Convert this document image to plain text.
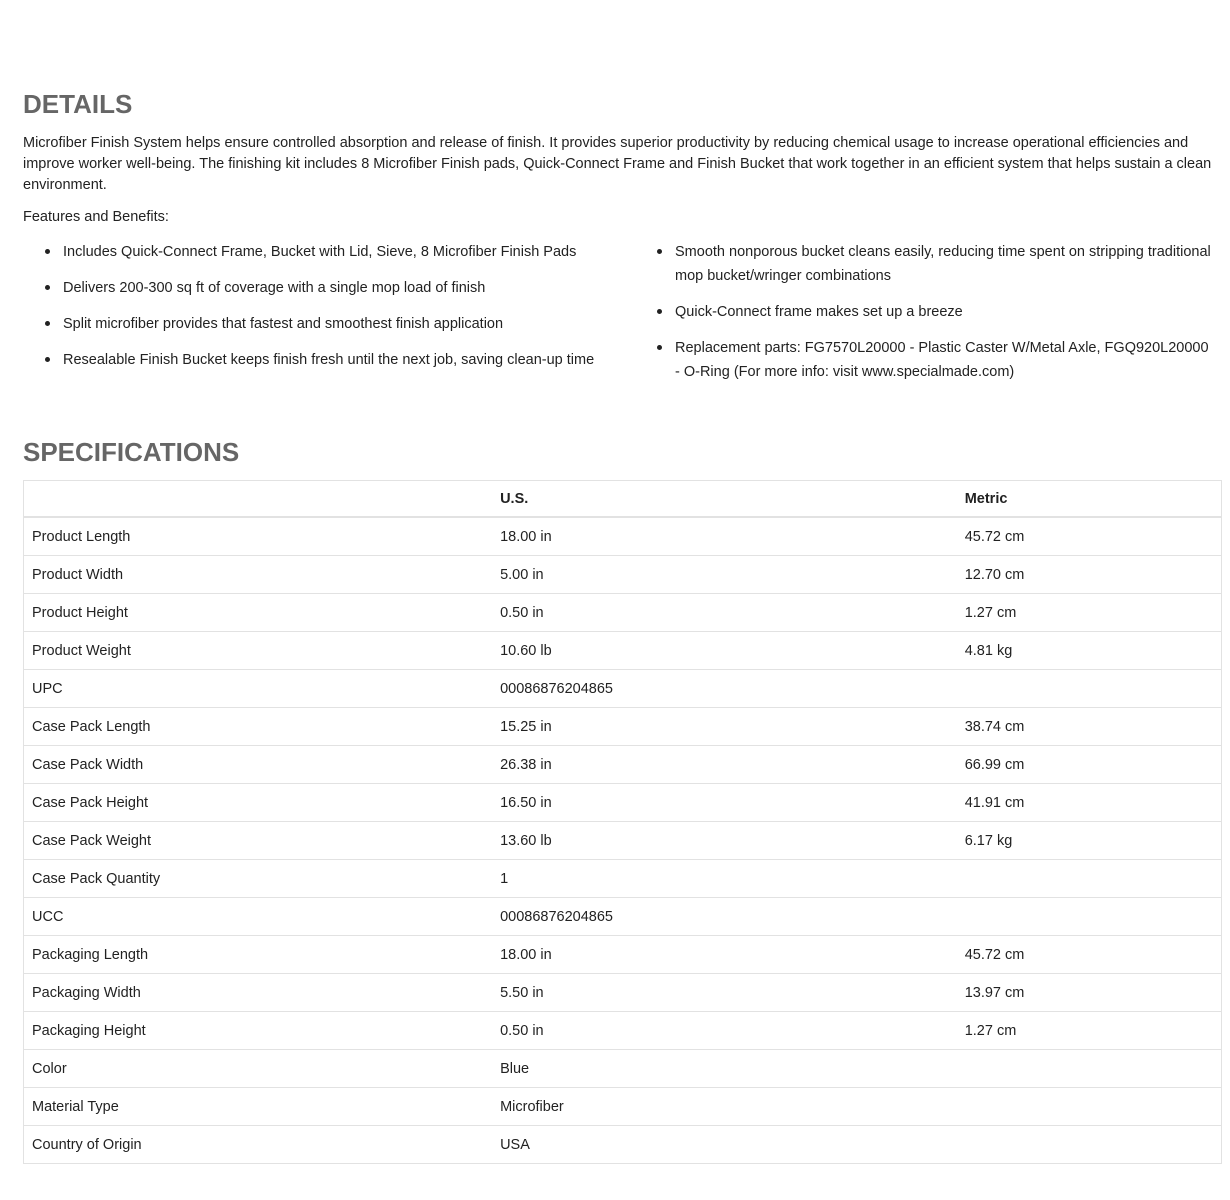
DETAILS

Microfiber Finish System helps ensure controlled absorption and release of finish. It provides superior productivity by reducing chemical usage to increase operational efficiencies and improve worker well-being. The finishing kit includes 8 Microfiber Finish pads, Quick-Connect Frame and Finish Bucket that work together in an efficient system that helps sustain a clean environment.

Features and Benefits:

Includes Quick-Connect Frame, Bucket with Lid, Sieve, 8 Microfiber Finish Pads
Delivers 200-300 sq ft of coverage with a single mop load of finish
Split microfiber provides that fastest and smoothest finish application
Resealable Finish Bucket keeps finish fresh until the next job, saving clean-up time
Smooth nonporous bucket cleans easily, reducing time spent on stripping traditional mop bucket/wringer combinations
Quick-Connect frame makes set up a breeze
Replacement parts: FG7570L20000 - Plastic Caster W/Metal Axle, FGQ920L20000 - O-Ring (For more info: visit www.specialmade.com)
SPECIFICATIONS
	U.S.	Metric
Product Length	18.00 in	45.72 cm
Product Width	5.00 in	12.70 cm
Product Height	0.50 in	1.27 cm
Product Weight	10.60 lb	4.81 kg
UPC	00086876204865	
Case Pack Length	15.25 in	38.74 cm
Case Pack Width	26.38 in	66.99 cm
Case Pack Height	16.50 in	41.91 cm
Case Pack Weight	13.60 lb	6.17 kg
Case Pack Quantity	1	
UCC	00086876204865	
Packaging Length	18.00 in	45.72 cm
Packaging Width	5.50 in	13.97 cm
Packaging Height	0.50 in	1.27 cm
Color	Blue	
Material Type	Microfiber	
Country of Origin	USA	
